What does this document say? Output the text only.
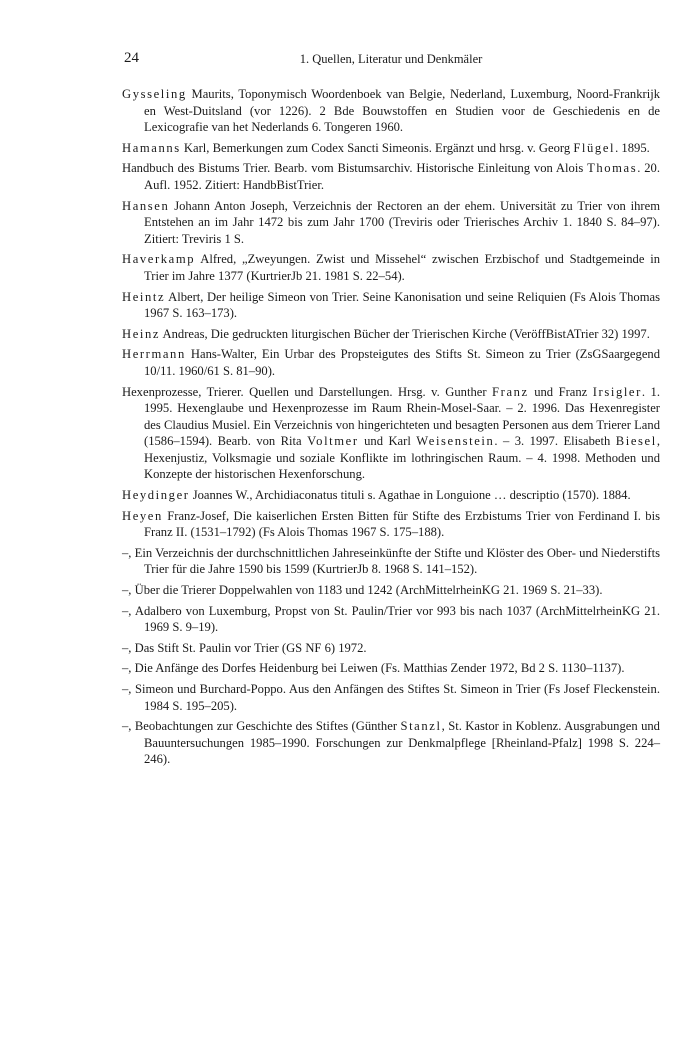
24	1. Quellen, Literatur und Denkmäler

Gysseling Maurits, Toponymisch Woordenboek van Belgie, Nederland, Luxemburg, Noord-Frankrijk en West-Duitsland (vor 1226). 2 Bde Bouwstoffen en Studien voor de Geschiedenis en de Lexicografie van het Nederlands 6. Tongeren 1960.

Hamanns Karl, Bemerkungen zum Codex Sancti Simeonis. Ergänzt und hrsg. v. Georg Flügel. 1895.

Handbuch des Bistums Trier. Bearb. vom Bistumsarchiv. Historische Einleitung von Alois Thomas. 20. Aufl. 1952. Zitiert: HandbBistTrier.

Hansen Johann Anton Joseph, Verzeichnis der Rectoren an der ehem. Universität zu Trier von ihrem Entstehen an im Jahr 1472 bis zum Jahr 1700 (Treviris oder Trierisches Archiv 1. 1840 S. 84–97). Zitiert: Treviris 1 S.

Haverkamp Alfred, „Zweyungen. Zwist und Missehel“ zwischen Erzbischof und Stadtgemeinde in Trier im Jahre 1377 (KurtrierJb 21. 1981 S. 22–54).

Heintz Albert, Der heilige Simeon von Trier. Seine Kanonisation und seine Reliquien (Fs Alois Thomas 1967 S. 163–173).

Heinz Andreas, Die gedruckten liturgischen Bücher der Trierischen Kirche (VeröffBistATrier 32) 1997.

Herrmann Hans-Walter, Ein Urbar des Propsteigutes des Stifts St. Simeon zu Trier (ZsGSaargegend 10/11. 1960/61 S. 81–90).

Hexenprozesse, Trierer. Quellen und Darstellungen. Hrsg. v. Gunther Franz und Franz Irsigler. 1. 1995. Hexenglaube und Hexenprozesse im Raum Rhein-Mosel-Saar. – 2. 1996. Das Hexenregister des Claudius Musiel. Ein Verzeichnis von hingerichteten und besagten Personen aus dem Trierer Land (1586–1594). Bearb. von Rita Voltmer und Karl Weisenstein. – 3. 1997. Elisabeth Biesel, Hexenjustiz, Volksmagie und soziale Konflikte im lothringischen Raum. – 4. 1998. Methoden und Konzepte der historischen Hexenforschung.

Heydinger Joannes W., Archidiaconatus tituli s. Agathae in Longuione … descriptio (1570). 1884.

Heyen Franz-Josef, Die kaiserlichen Ersten Bitten für Stifte des Erzbistums Trier von Ferdinand I. bis Franz II. (1531–1792) (Fs Alois Thomas 1967 S. 175–188).

–, Ein Verzeichnis der durchschnittlichen Jahreseinkünfte der Stifte und Klöster des Ober- und Niederstifts Trier für die Jahre 1590 bis 1599 (KurtrierJb 8. 1968 S. 141–152).

–, Über die Trierer Doppelwahlen von 1183 und 1242 (ArchMittelrheinKG 21. 1969 S. 21–33).

–, Adalbero von Luxemburg, Propst von St. Paulin/Trier vor 993 bis nach 1037 (ArchMittelrheinKG 21. 1969 S. 9–19).

–, Das Stift St. Paulin vor Trier (GS NF 6) 1972.

–, Die Anfänge des Dorfes Heidenburg bei Leiwen (Fs. Matthias Zender 1972, Bd 2 S. 1130–1137).

–, Simeon und Burchard-Poppo. Aus den Anfängen des Stiftes St. Simeon in Trier (Fs Josef Fleckenstein. 1984 S. 195–205).

–, Beobachtungen zur Geschichte des Stiftes (Günther Stanzl, St. Kastor in Koblenz. Ausgrabungen und Bauuntersuchungen 1985–1990. Forschungen zur Denkmalpflege [Rheinland-Pfalz] 1998 S. 224–246).
